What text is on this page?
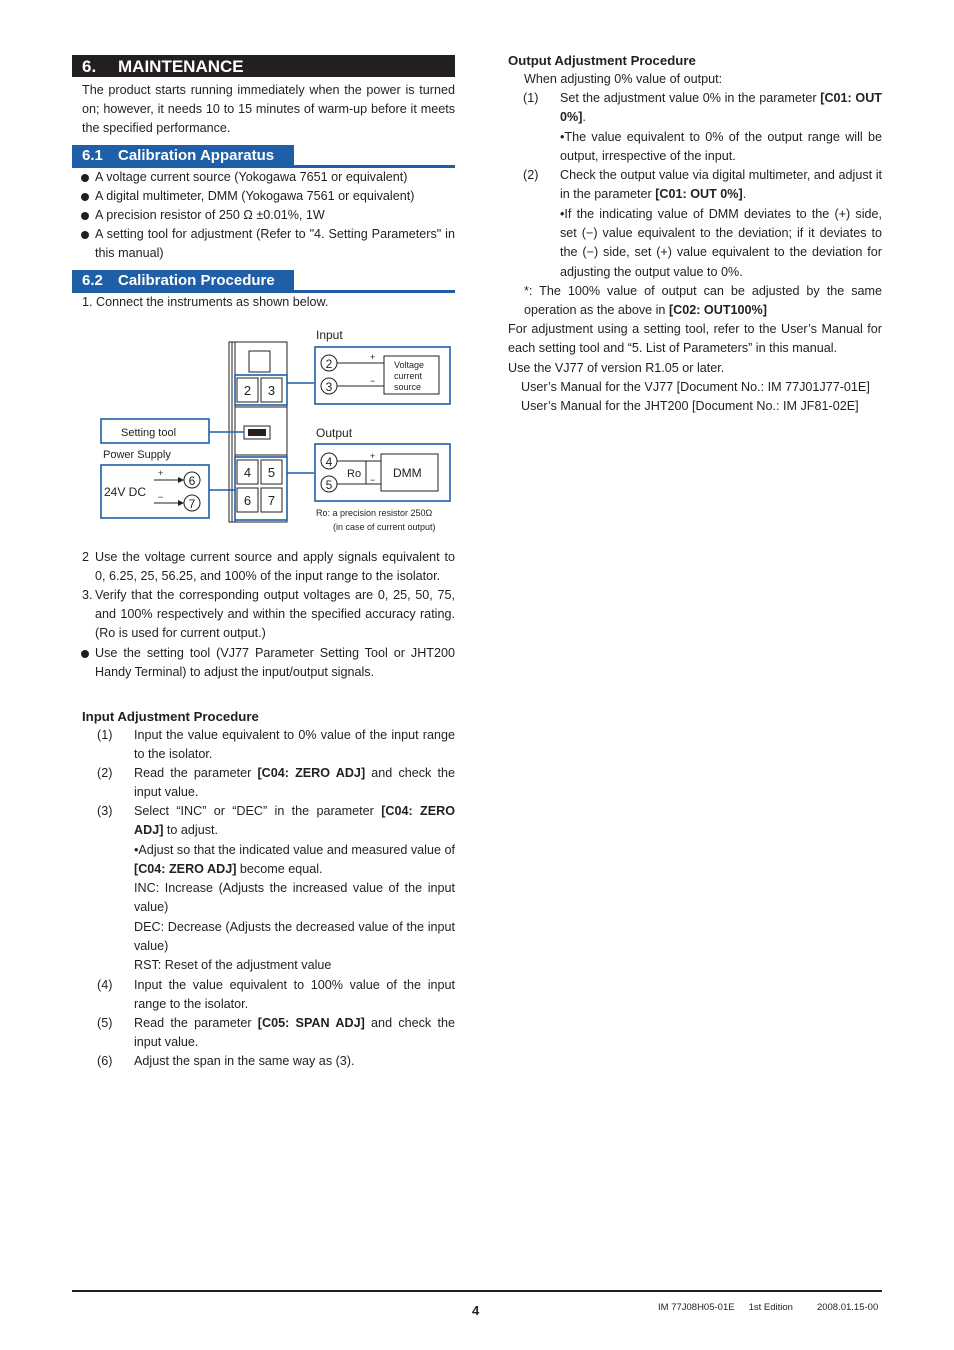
6. MAINTENANCE
The product starts running immediately when the power is turned on; however, it needs 10 to 15 minutes of warm-up before it meets the specified performance.
6.1 Calibration Apparatus
A voltage current source (Yokogawa 7651 or equivalent)
A digital multimeter, DMM (Yokogawa 7561 or equivalent)
A precision resistor of 250 Ω ±0.01%, 1W
A setting tool for adjustment (Refer to "4. Setting Parameters" in this manual)
6.2 Calibration Procedure
1. Connect the instruments as shown below.
2 3
4 5
6 7
Input
2
3
+
−
Voltage
current
source
Output
4
5
Ro
+
− DMM
Ro: a precision resistor 250Ω
(in case of current output)
Setting tool
Power Supply
24V DC
6
7
+
−
2 Use the voltage current source and apply signals equivalent to 0, 6.25, 25, 56.25, and 100% of the input range to the isolator.
3. Verify that the corresponding output voltages are 0, 25, 50, 75, and 100% respectively and within the specified accuracy rating. (Ro is used for current output.)
Use the setting tool (VJ77 Parameter Setting Tool or JHT200 Handy Terminal) to adjust the input/output signals.
Input Adjustment Procedure
(1) Input the value equivalent to 0% value of the input range to the isolator.
(2) Read the parameter [C04: ZERO ADJ] and check the input value.
(3) Select “INC” or “DEC” in the parameter [C04: ZERO ADJ] to adjust.
•Adjust so that the indicated value and measured value of [C04: ZERO ADJ] become equal.
INC: Increase (Adjusts the increased value of the input value)
DEC: Decrease (Adjusts the decreased value of the input value)
RST: Reset of the adjustment value
(4) Input the value equivalent to 100% value of the input range to the isolator.
(5) Read the parameter [C05: SPAN ADJ] and check the input value.
(6) Adjust the span in the same way as (3).
Output Adjustment Procedure
When adjusting 0% value of output:
(1) Set the adjustment value 0% in the parameter [C01: OUT 0%].
•The value equivalent to 0% of the output range will be output, irrespective of the input.
(2) Check the output value via digital multimeter, and adjust it in the parameter [C01: OUT 0%].
•If the indicating value of DMM deviates to the (+) side, set (−) value equivalent to the deviation; if it deviates to the (−) side, set (+) value equivalent to the deviation for adjusting the output value to 0%.
*: The 100% value of output can be adjusted by the same operation as the above in [C02: OUT100%]
For adjustment using a setting tool, refer to the User’s Manual for each setting tool and “5. List of Parameters” in this manual.
Use the VJ77 of version R1.05 or later.
User’s Manual for the VJ77 [Document No.: IM 77J01J77-01E]
User’s Manual for the JHT200 [Document No.: IM JF81-02E]
4	IM 77J08H05-01E 1st Edition	2008.01.15-00
